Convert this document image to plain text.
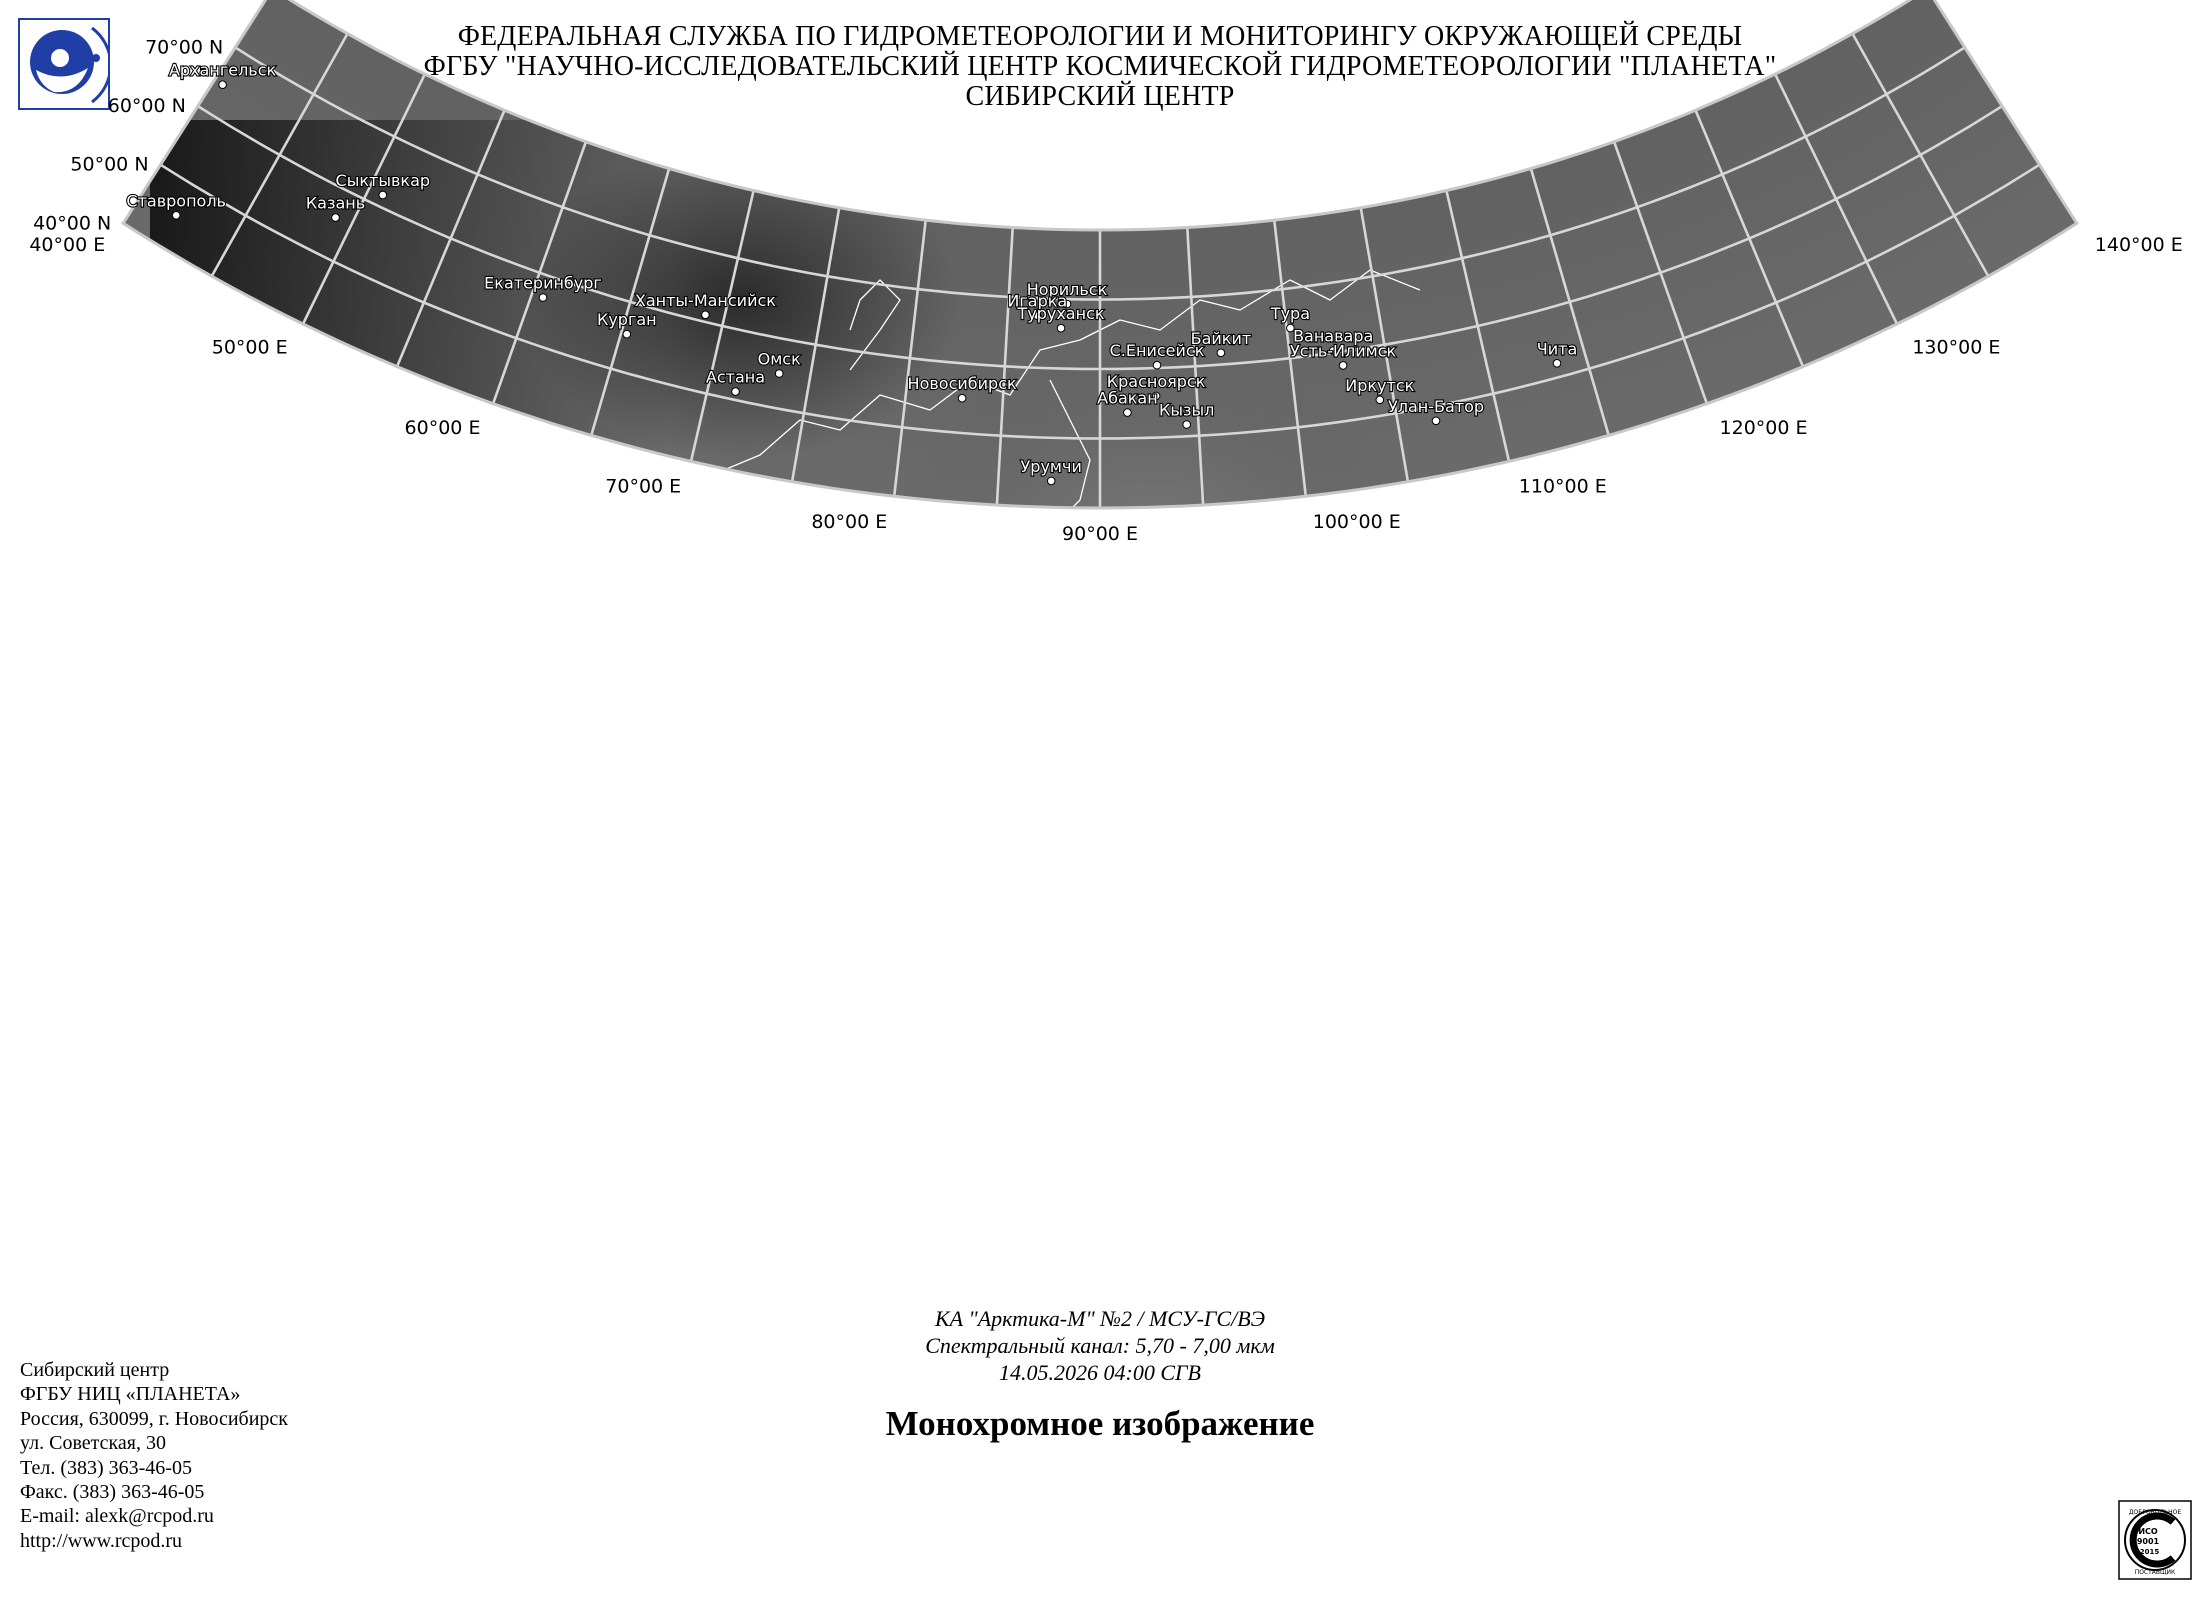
ФЕДЕРАЛЬНАЯ СЛУЖБА ПО ГИДРОМЕТЕОРОЛОГИИ И МОНИТОРИНГУ ОКРУЖАЮЩЕЙ СРЕДЫ
ФГБУ "НАУЧНО-ИССЛЕДОВАТЕЛЬСКИЙ ЦЕНТР КОСМИЧЕСКОЙ ГИДРОМЕТЕОРОЛОГИИ "ПЛАНЕТА"
СИБИРСКИЙ ЦЕНТР
70°00 N
60°00 N
50°00 N
40°00 N
40°00 E
50°00 E
60°00 E
70°00 E
80°00 E
90°00 E
100°00 E
110°00 E
120°00 E
130°00 E
140°00 E
Архангельск
Сыктывкар
Казань
Ставрополь
Ханты-Мансийск
Екатеринбург
Курган
Омск
Астана	Новосибирск
Норильск
Игарка
Туруханск	Тура
Байкит
С.Енисейск
Ванавара
Усть-Илимск
Красноярск
Абакан
Кызыл
Иркутск
Чита
Улан-Батор
Урумчи
КА "Арктика-М" №2 / МСУ-ГС/ВЭ
Спектральный канал: 5,70 - 7,00 мкм
14.05.2026 04:00 СГВ
Монохромное изображение
Сибирский центр
ФГБУ НИЦ «ПЛАНЕТА»
Россия, 630099, г. Новосибирск
ул. Советская, 30
Тел. (383) 363-46-05
Факс. (383) 363-46-05
E-mail: alexk@rcpod.ru
http://www.rcpod.ru
ДОБРОВОЛЬНОЕ
ИСО
9001
-2015
ПОСТАВЩИК
